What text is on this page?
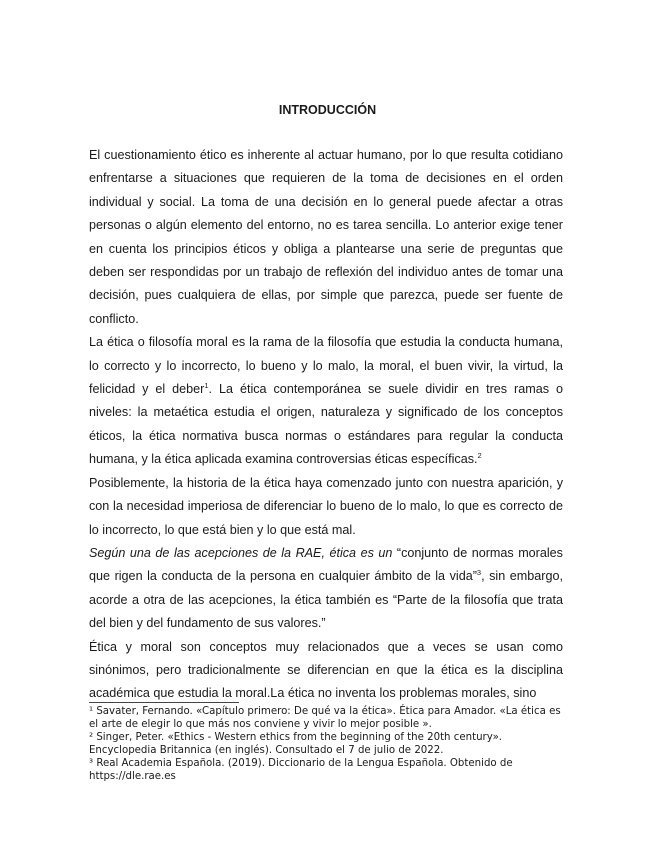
INTRODUCCIÓN

El cuestionamiento ético es inherente al actuar humano, por lo que resulta cotidiano enfrentarse a situaciones que requieren de la toma de decisiones en el orden individual y social. La toma de una decisión en lo general puede afectar a otras personas o algún elemento del entorno, no es tarea sencilla. Lo anterior exige tener en cuenta los principios éticos y obliga a plantearse una serie de preguntas que deben ser respondidas por un trabajo de reflexión del individuo antes de tomar una decisión, pues cualquiera de ellas, por simple que parezca, puede ser fuente de conflicto.

La ética o filosofía moral es la rama de la filosofía que estudia la conducta humana, lo correcto y lo incorrecto, lo bueno y lo malo, la moral, el buen vivir, la virtud, la felicidad y el deber$^1$. La ética contemporánea se suele dividir en tres ramas o niveles: la metaética estudia el origen, naturaleza y significado de los conceptos éticos, la ética normativa busca normas o estándares para regular la conducta humana, y la ética aplicada examina controversias éticas específicas.$^2$

Posiblemente, la historia de la ética haya comenzado junto con nuestra aparición, y con la necesidad imperiosa de diferenciar lo bueno de lo malo, lo que es correcto de lo incorrecto, lo que está bien y lo que está mal.

Según una de las acepciones de la RAE, ética es un “conjunto de normas morales que rigen la conducta de la persona en cualquier ámbito de la vida”$^3$, sin embargo, acorde a otra de las acepciones, la ética también es “Parte de la filosofía que trata del bien y del fundamento de sus valores.”

Ética y moral son conceptos muy relacionados que a veces se usan como sinónimos, pero tradicionalmente se diferencian en que la ética es la disciplina académica que estudia la moral.La ética no inventa los problemas morales, sino

¹ Savater, Fernando. «Capítulo primero: De qué va la ética». Ética para Amador. «La ética es el arte de elegir lo que más nos conviene y vivir lo mejor posible ».

² Singer, Peter. «Ethics - Western ethics from the beginning of the 20th century». Encyclopedia Britannica (en inglés). Consultado el 7 de julio de 2022.

³ Real Academia Española. (2019). Diccionario de la Lengua Española. Obtenido de https://dle.rae.es
